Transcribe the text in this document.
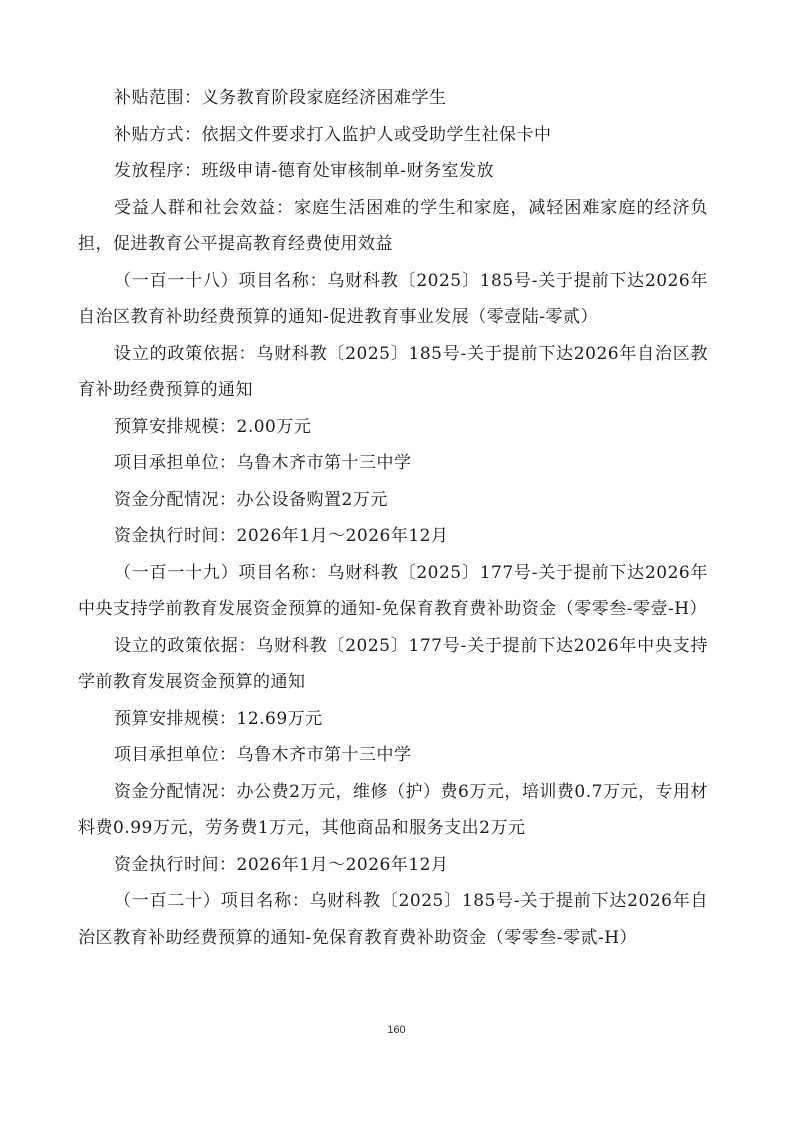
补贴范围：义务教育阶段家庭经济困难学生

补贴方式：依据文件要求打入监护人或受助学生社保卡中

发放程序：班级申请-德育处审核制单-财务室发放

受益人群和社会效益：家庭生活困难的学生和家庭，减轻困难家庭的经济负担，促进教育公平提高教育经费使用效益

（一百一十八）项目名称：乌财科教〔2025〕185号-关于提前下达2026年自治区教育补助经费预算的通知-促进教育事业发展（零壹陆-零贰）

设立的政策依据：乌财科教〔2025〕185号-关于提前下达2026年自治区教育补助经费预算的通知

预算安排规模：2.00万元

项目承担单位：乌鲁木齐市第十三中学

资金分配情况：办公设备购置2万元

资金执行时间：2026年1月～2026年12月

（一百一十九）项目名称：乌财科教〔2025〕177号-关于提前下达2026年中央支持学前教育发展资金预算的通知-免保育教育费补助资金（零零叁-零壹-H）

设立的政策依据：乌财科教〔2025〕177号-关于提前下达2026年中央支持学前教育发展资金预算的通知

预算安排规模：12.69万元

项目承担单位：乌鲁木齐市第十三中学

资金分配情况：办公费2万元，维修（护）费6万元，培训费0.7万元，专用材料费0.99万元，劳务费1万元，其他商品和服务支出2万元

资金执行时间：2026年1月～2026年12月

（一百二十）项目名称：乌财科教〔2025〕185号-关于提前下达2026年自治区教育补助经费预算的通知-免保育教育费补助资金（零零叁-零贰-H）

160
